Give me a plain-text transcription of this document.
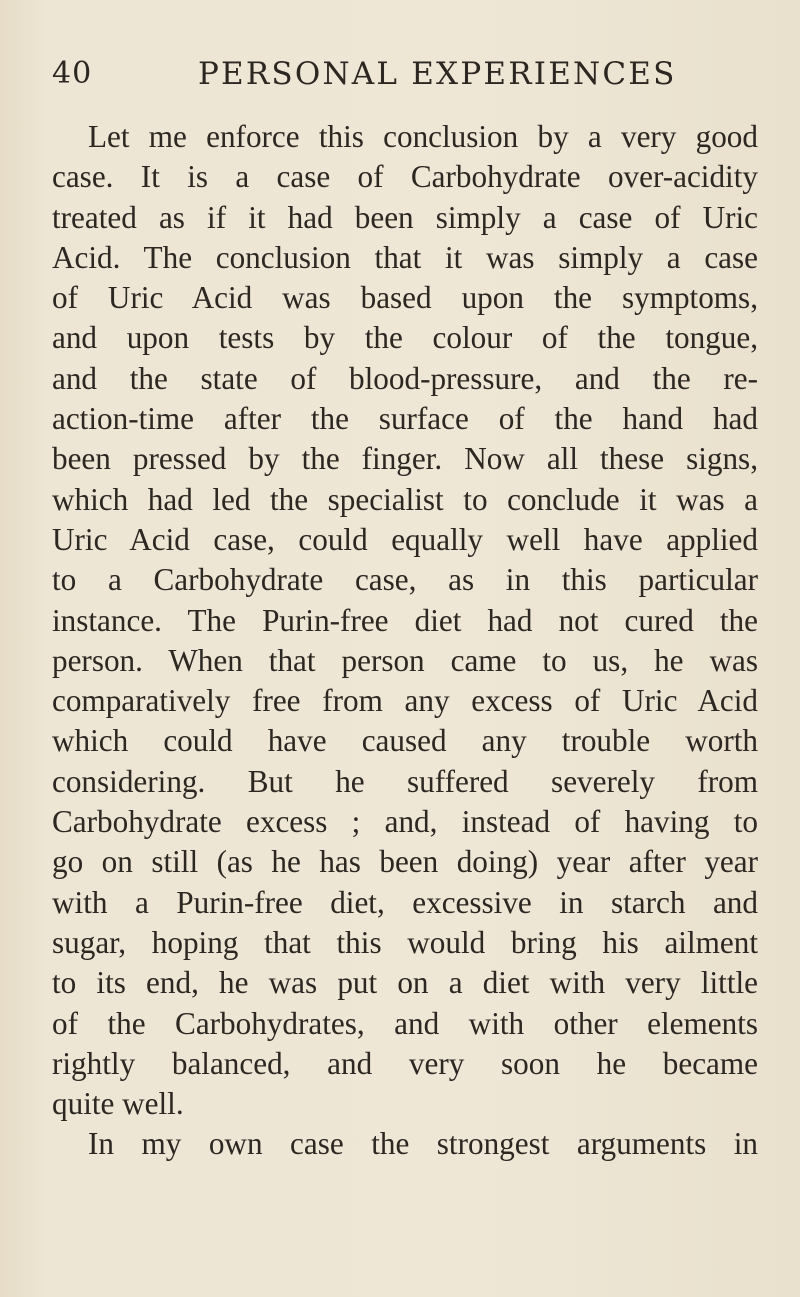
40	PERSONAL EXPERIENCES
Let me enforce this conclusion by a very good
case. It is a case of Carbohydrate over-acidity
treated as if it had been simply a case of Uric
Acid. The conclusion that it was simply a case
of Uric Acid was based upon the symptoms,
and upon tests by the colour of the tongue,
and the state of blood-pressure, and the re-
action-time after the surface of the hand had
been pressed by the finger. Now all these signs,
which had led the specialist to conclude it was a
Uric Acid case, could equally well have applied
to a Carbohydrate case, as in this particular
instance. The Purin-free diet had not cured the
person. When that person came to us, he was
comparatively free from any excess of Uric Acid
which could have caused any trouble worth
considering. But he suffered severely from
Carbohydrate excess ; and, instead of having to
go on still (as he has been doing) year after year
with a Purin-free diet, excessive in starch and
sugar, hoping that this would bring his ailment
to its end, he was put on a diet with very little
of the Carbohydrates, and with other elements
rightly balanced, and very soon he became
quite well.
In my own case the strongest arguments in
